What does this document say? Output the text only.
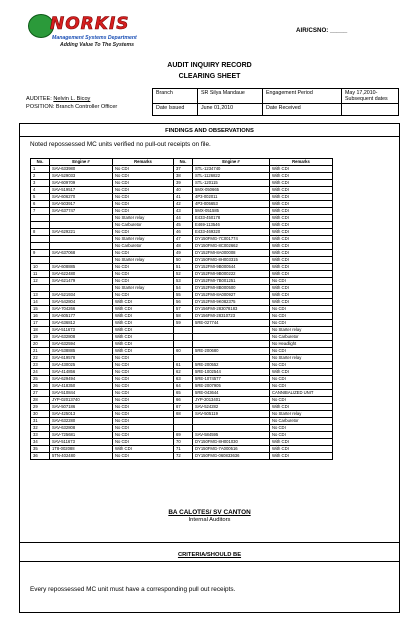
NORKIS
Management Systems Department
Adding Value To The Systems
AIR/CSNO: _____
AUDIT INQUIRY RECORD
CLEARING SHEET
AUDITEE: Nelvin L. Bicoy
POSITION: Branch Controller Officer
Branch	SR Silya Mandaue	Engagement Period	May 17,2010-Subsequent dates
Date Issued	June 01,2010	Date Received	
FINDINGS AND OBSERVATIONS
Noted repossessed MC units verified no pull-out receipts on file.
No.	Engine #	Remarks	No.	Engine #	Remarks
1	SAV-633980	No CDI	37	STL-1234740	With CDI
2	SAV-529033	No CDI	38	STL-1126822	With CDI
3	SAV-609709	No CDI	39	STL-120115	With CDI
4	SAV-519517	No CDI	40	5MX-050665	With CDI
5	SAV-606270	No CDI	41	4P3-002011	With CDI
6	SAV-503917	No CDI	42	4P3-005653	With CDI
7	SAV-637747	No CDI	43	5MX-051585	With CDI
		No Starter relay	44	E433-450178	With CDI
		No Carburetor	45	E469-113546	With CDI
8	SAV-629221	No CDI	46	E433-469320	With CDI
		No Starter relay	47	DY150FMG-7C001774	With CDI
		No Carburetor	48	DY150FMG-8C002662	With CDI
9	SAV-637068	No CDI	49	DY152FMI-8A000008	With CDI
		No Starter relay	50	DY150FMG-8H003315	With CDI
10	SAV-608885	No CDI	51	DY152FMI-9B000544	With CDI
11	SAV-622480	No CDI	52	DY152FMI-9B000222	With CDI
12	SAV-621479	No CDI	53	DY152FMI-7B001251	No CDI
		No Starter relay	54	DY152FMI-8B000500	With CDI
13	SAV-521934	No CDI	55	DY152FMI-8A000927	With CDI
14	SAV-542804	With CDI	56	DY152FMI-9K082375	With CDI
15	SAV-704266	With CDI	57	DY156FMI-283078183	No CDI
16	SAV-605177	With CDI	58	DY156FMI-28310723	No CDI
17	SAV-636812	With CDI	59	5RE-027744	No CDI
18	SAV-511673	With CDI			No Starter relay
19	SAV-632808	With CDI			No Carburetor
20	SAV-632594	With CDI			No Headlight
21	SAV-538885	With CDI	60	5RE-200680	No CDI
22	SAV-619578	No CDI			No Starter relay
23	SAV-430025	No CDI	61	5RE-200552	No CDI
24	SAV-414856	No CDI	62	5RE-1002544	With CDI
25	SAV-629494	No CDI	63	5RE-1074577	No CDI
26	SAV-418350	No CDI	64	5RE-2007905	No CDI
27	SAV-510844	No CDI	65	5RE-043644	CANNIBALIZED UNIT
28	JYP-02013740	No CDI	66	JYP-2013401	No CDI
29	SAV-507186	No CDI	67	SAV-524282	With CDI
30	SAV-425013	No CDI	68	SAV-505119	No Starter relay
31	SAV-632280	No CDI			No Carburetor
32	SAV-632808	No CDI			No CDI
33	SAV-725681	No CDI	69	SAV-584595	No CDI
34	SAV-511673	No CDI	70	DY150FMG-8H001030	With CDI
35	1T8-002088	With CDI	71	DY150FMG-7A000516	With CDI
36	5TN-402480	No CDI	72	DY150FMG-060833636	With CDI
BA CALOTES/ SV CANTON
Internal Auditors
CRITERIA/SHOULD BE
Every repossessed MC unit must have a corresponding pull out receipts.
